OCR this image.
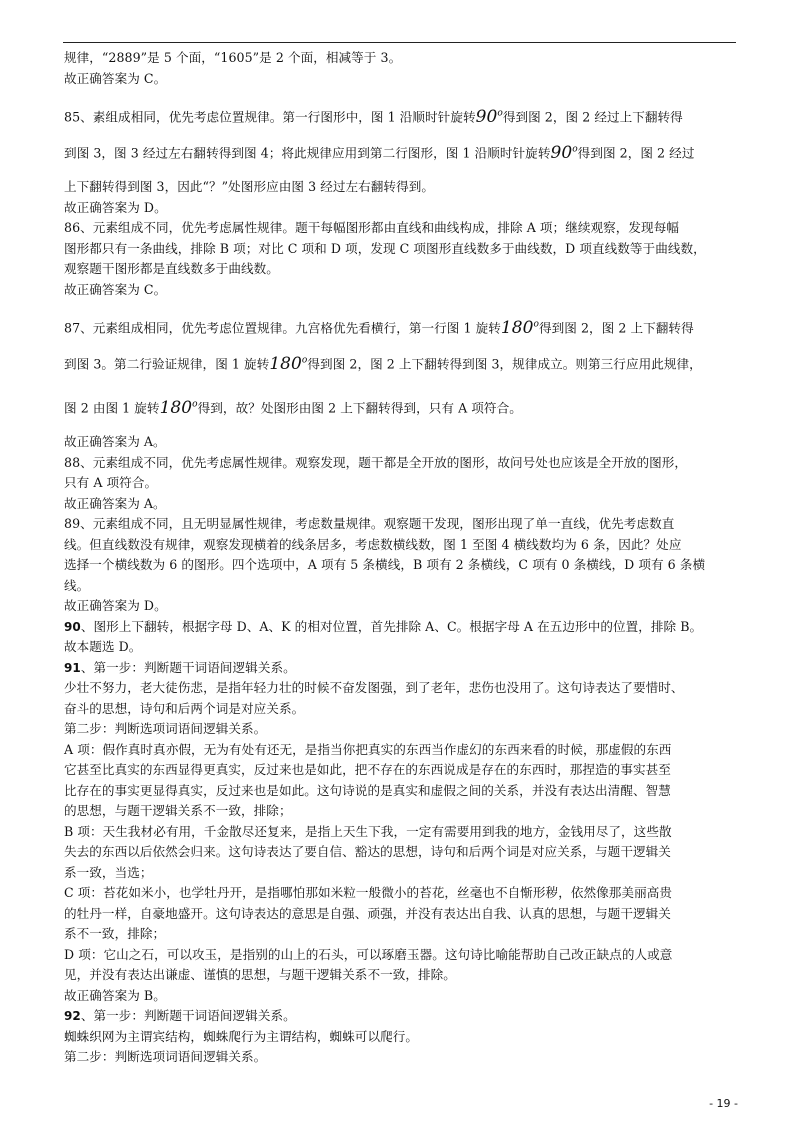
规律，“2889”是 5 个面，“1605”是 2 个面，相减等于 3。
故正确答案为 C。
85、素组成相同，优先考虑位置规律。第一行图形中，图 1 沿顺时针旋转90$^o$得到图 2，图 2 经过上下翻转得
到图 3，图 3 经过左右翻转得到图 4；将此规律应用到第二行图形，图 1 沿顺时针旋转90$^o$得到图 2，图 2 经过
上下翻转得到图 3，因此“？”处图形应由图 3 经过左右翻转得到。
故正确答案为 D。
86、元素组成不同，优先考虑属性规律。题干每幅图形都由直线和曲线构成，排除 A 项；继续观察，发现每幅
图形都只有一条曲线，排除 B 项；对比 C 项和 D 项，发现 C 项图形直线数多于曲线数，D 项直线数等于曲线数，
观察题干图形都是直线数多于曲线数。
故正确答案为 C。
87、元素组成相同，优先考虑位置规律。九宫格优先看横行，第一行图 1 旋转180$^o$得到图 2，图 2 上下翻转得
到图 3。第二行验证规律，图 1 旋转180$^o$得到图 2，图 2 上下翻转得到图 3，规律成立。则第三行应用此规律，
图 2 由图 1 旋转180$^o$得到，故？处图形由图 2 上下翻转得到，只有 A 项符合。
故正确答案为 A。
88、元素组成不同，优先考虑属性规律。观察发现，题干都是全开放的图形，故问号处也应该是全开放的图形，
只有 A 项符合。
故正确答案为 A。
89、元素组成不同，且无明显属性规律，考虑数量规律。观察题干发现，图形出现了单一直线，优先考虑数直
线。但直线数没有规律，观察发现横着的线条居多，考虑数横线数，图 1 至图 4 横线数均为 6 条，因此？处应
选择一个横线数为 6 的图形。四个选项中，A 项有 5 条横线，B 项有 2 条横线，C 项有 0 条横线，D 项有 6 条横
线。
故正确答案为 D。
90、图形上下翻转，根据字母 D、A、K 的相对位置，首先排除 A、C。根据字母 A 在五边形中的位置，排除 B。
故本题选 D。
91、第一步：判断题干词语间逻辑关系。
少壮不努力，老大徒伤悲，是指年轻力壮的时候不奋发图强，到了老年，悲伤也没用了。这句诗表达了要惜时、
奋斗的思想，诗句和后两个词是对应关系。
第二步：判断选项词语间逻辑关系。
A 项：假作真时真亦假，无为有处有还无，是指当你把真实的东西当作虚幻的东西来看的时候，那虚假的东西
它甚至比真实的东西显得更真实，反过来也是如此，把不存在的东西说成是存在的东西时，那捏造的事实甚至
比存在的事实更显得真实，反过来也是如此。这句诗说的是真实和虚假之间的关系，并没有表达出清醒、智慧
的思想，与题干逻辑关系不一致，排除；
B 项：天生我材必有用，千金散尽还复来，是指上天生下我，一定有需要用到我的地方，金钱用尽了，这些散
失去的东西以后依然会归来。这句诗表达了要自信、豁达的思想，诗句和后两个词是对应关系，与题干逻辑关
系一致，当选；
C 项：苔花如米小，也学牡丹开，是指哪怕那如米粒一般微小的苔花，丝毫也不自惭形秽，依然像那美丽高贵
的牡丹一样，自豪地盛开。这句诗表达的意思是自强、顽强，并没有表达出自我、认真的思想，与题干逻辑关
系不一致，排除；
D 项：它山之石，可以攻玉，是指别的山上的石头，可以琢磨玉器。这句诗比喻能帮助自己改正缺点的人或意
见，并没有表达出谦虚、谨慎的思想，与题干逻辑关系不一致，排除。
故正确答案为 B。
92、第一步：判断题干词语间逻辑关系。
蜘蛛织网为主谓宾结构，蜘蛛爬行为主谓结构，蜘蛛可以爬行。
第二步：判断选项词语间逻辑关系。
- 19 -
